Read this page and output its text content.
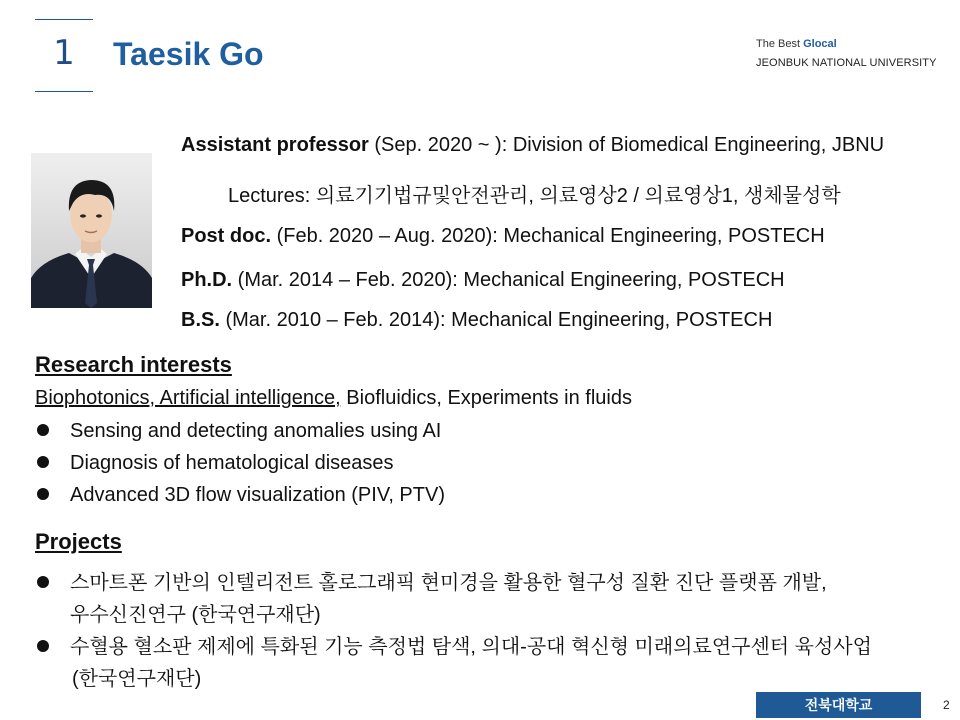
1	Taesik Go	The Best Glocal
JEONBUK NATIONAL UNIVERSITY
Assistant professor (Sep. 2020 ~ ): Division of Biomedical Engineering, JBNU
Lectures: 의료기기법규및안전관리, 의료영상2 / 의료영상1, 생체물성학
Post doc. (Feb. 2020 – Aug. 2020): Mechanical Engineering, POSTECH
Ph.D. (Mar. 2014 – Feb. 2020): Mechanical Engineering, POSTECH
B.S. (Mar. 2010 – Feb. 2014): Mechanical Engineering, POSTECH
Research interests
Biophotonics, Artificial intelligence, Biofluidics, Experiments in fluids
Sensing and detecting anomalies using AI
Diagnosis of hematological diseases
Advanced 3D flow visualization (PIV, PTV)
Projects
스마트폰 기반의 인텔리전트 홀로그래픽 현미경을 활용한 혈구성 질환 진단 플랫폼 개발,
우수신진연구 (한국연구재단)
수혈용 혈소판 제제에 특화된 기능 측정법 탐색, 의대-공대 혁신형 미래의료연구센터 육성사업
(한국연구재단)
전북대학교	2
